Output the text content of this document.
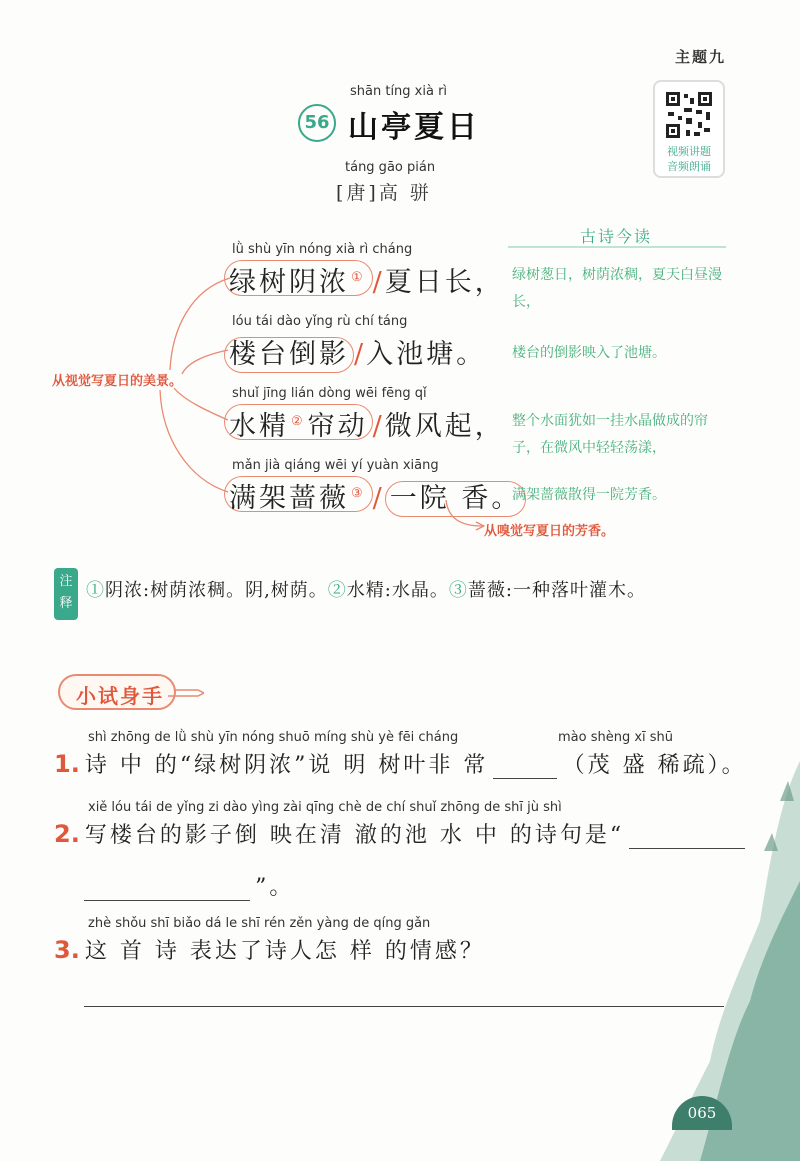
主题九
视频讲题
音频朗诵
56
shān tíng xià rì
山亭夏日
táng gāo pián
[唐]高 骈
lǜ shù yīn nóng xià rì cháng
绿树阴浓 ① /夏日长，
lóu tái dào yǐng rù chí táng
楼台倒影 /入池塘。
shuǐ jīng lián dòng wēi fēng qǐ
水精 ②帘动 /微风起，
mǎn jià qiáng wēi yí yuàn xiāng
满架蔷薇 ③ / 一院 香。
从视觉写夏日的美景。
从嗅觉写夏日的芳香。
古诗今读
绿树葱日，树荫浓稠，夏天白昼漫长，
楼台的倒影映入了池塘。
整个水面犹如一挂水晶做成的帘子，在微风中轻轻荡漾，
满架蔷薇散得一院芳香。
注释
①阴浓:树荫浓稠。阴,树荫。②水精:水晶。③蔷薇:一种落叶灌木。
小试身手
shì zhōng de lǜ shù yīn nóng shuō míng shù yè fēi cháng	mào shèng xī shū
1. 诗 中 的“绿树阴浓”说 明 树叶非 常	（茂 盛 稀疏）。
xiě lóu tái de yǐng zi dào yìng zài qīng chè de chí shuǐ zhōng de shī jù shì
2. 写楼台的影子倒 映在清 澈的池 水 中 的诗句是“
”。
zhè shǒu shī biǎo dá le shī rén zěn yàng de qíng gǎn
3. 这 首 诗 表达了诗人怎 样 的情感？
065
